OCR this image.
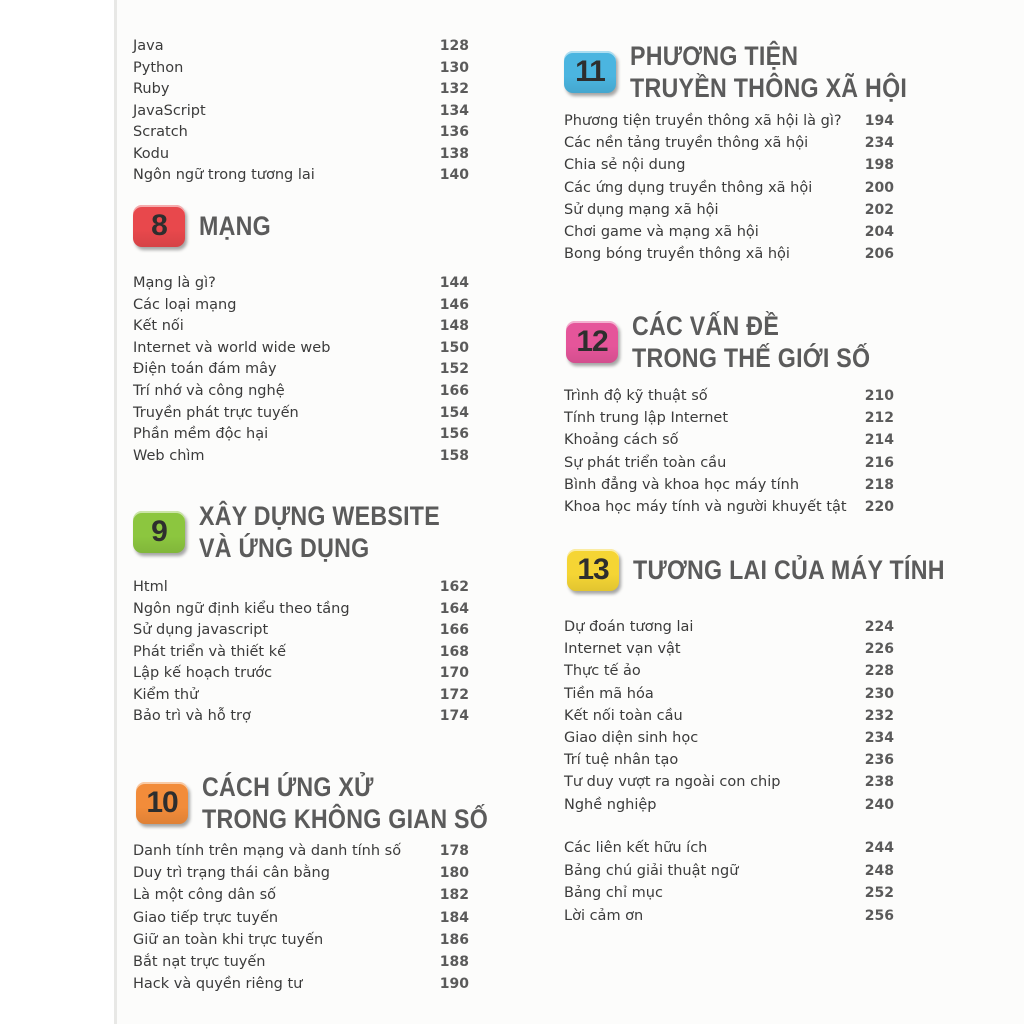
Java	128
Python	130
Ruby	132
JavaScript	134
Scratch	136
Kodu	138
Ngôn ngữ trong tương lai	140
8	MẠNG
Mạng là gì?	144
Các loại mạng	146
Kết nối	148
Internet và world wide web	150
Điện toán đám mây	152
Trí nhớ và công nghệ	166
Truyền phát trực tuyến	154
Phần mềm độc hại	156
Web chìm	158
9	XÂY DỰNG WEBSITE
VÀ ỨNG DỤNG
Html	162
Ngôn ngữ định kiểu theo tầng	164
Sử dụng javascript	166
Phát triển và thiết kế	168
Lập kế hoạch trước	170
Kiểm thử	172
Bảo trì và hỗ trợ	174
10 CÁCH ỨNG XỬ
TRONG KHÔNG GIAN SỐ
Danh tính trên mạng và danh tính số	178
Duy trì trạng thái cân bằng	180
Là một công dân số	182
Giao tiếp trực tuyến	184
Giữ an toàn khi trực tuyến	186
Bắt nạt trực tuyến	188
Hack và quyền riêng tư	190
11 PHƯƠNG TIỆN
TRUYỀN THÔNG XÃ HỘI
Phương tiện truyền thông xã hội là gì? 194
Các nền tảng truyền thông xã hội	234
Chia sẻ nội dung	198
Các ứng dụng truyền thông xã hội	200
Sử dụng mạng xã hội	202
Chơi game và mạng xã hội	204
Bong bóng truyền thông xã hội	206
12 CÁC VẤN ĐỀ
TRONG THẾ GIỚI SỐ
Trình độ kỹ thuật số	210
Tính trung lập Internet	212
Khoảng cách số	214
Sự phát triển toàn cầu	216
Bình đẳng và khoa học máy tính	218
Khoa học máy tính và người khuyết tật 220
13 TƯƠNG LAI CỦA MÁY TÍNH
Dự đoán tương lai	224
Internet vạn vật	226
Thực tế ảo	228
Tiền mã hóa	230
Kết nối toàn cầu	232
Giao diện sinh học	234
Trí tuệ nhân tạo	236
Tư duy vượt ra ngoài con chip	238
Nghề nghiệp	240
Các liên kết hữu ích	244
Bảng chú giải thuật ngữ	248
Bảng chỉ mục	252
Lời cảm ơn	256
